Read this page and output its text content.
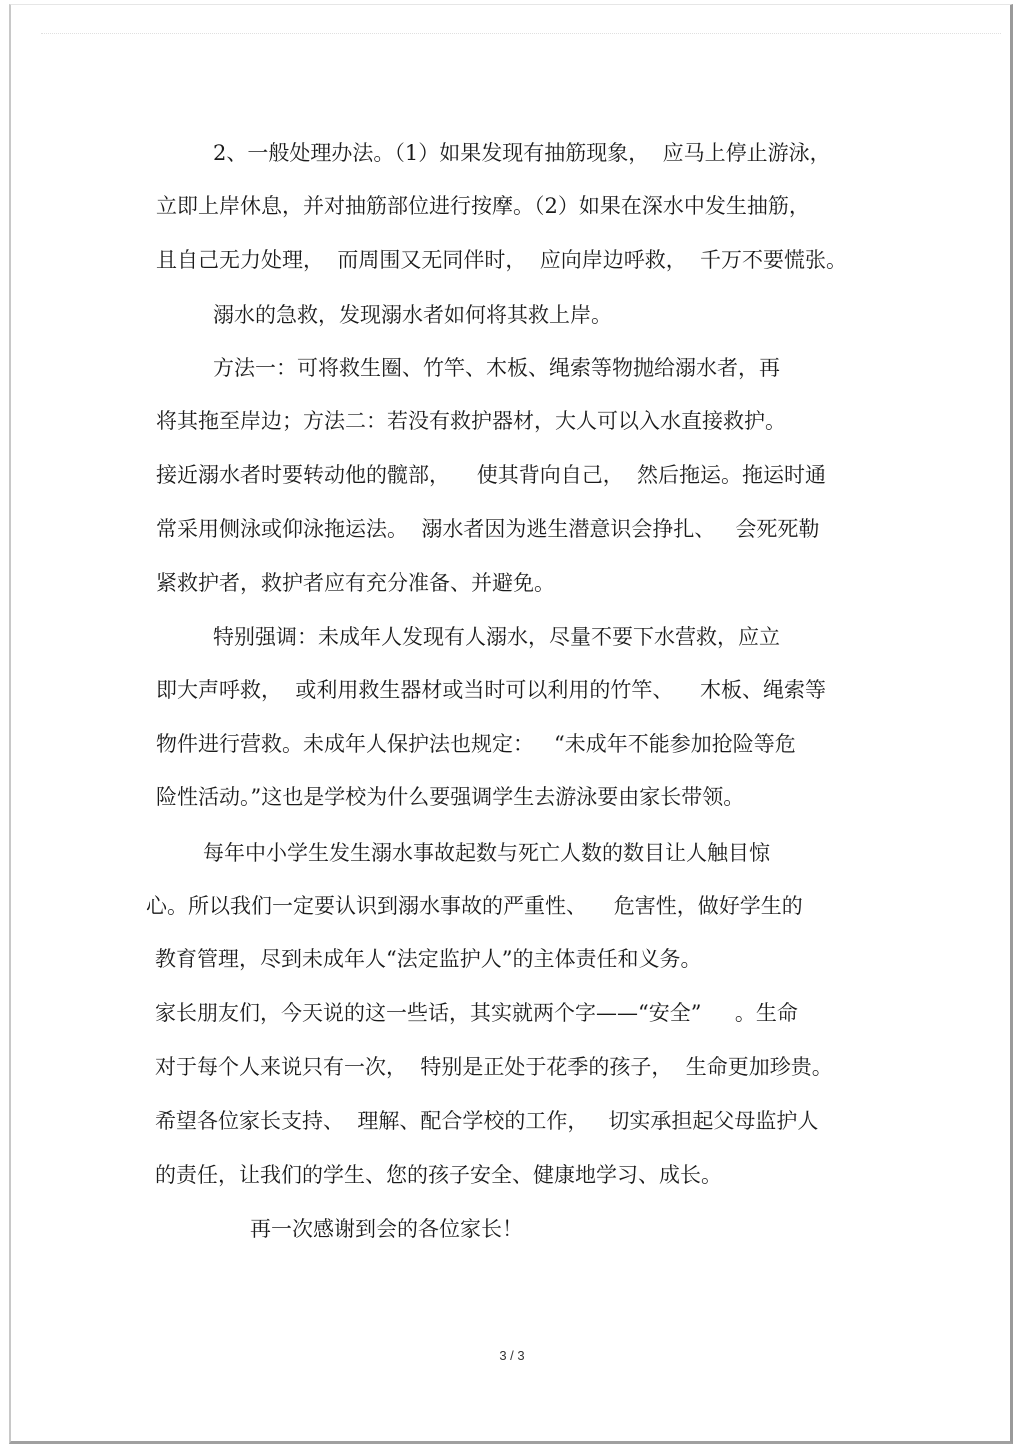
2、一般处理办法。（1）如果发现有抽筋现象，  应马上停止游泳，
立即上岸休息，并对抽筋部位进行按摩。（2）如果在深水中发生抽筋，
且自己无力处理，  而周围又无同伴时，  应向岸边呼救，  千万不要慌张。
溺水的急救，发现溺水者如何将其救上岸。
方法一：可将救生圈、竹竿、木板、绳索等物抛给溺水者，再
将其拖至岸边；方法二：若没有救护器材，大人可以入水直接救护。
接近溺水者时要转动他的髋部，    使其背向自己，  然后拖运。拖运时通
常采用侧泳或仰泳拖运法。  溺水者因为逃生潜意识会挣扎、   会死死勒
紧救护者，救护者应有充分准备、并避免。
特别强调：未成年人发现有人溺水，尽量不要下水营救，应立
即大声呼救，  或利用救生器材或当时可以利用的竹竿、    木板、绳索等
物件进行营救。未成年人保护法也规定：   “未成年不能参加抢险等危
险性活动。”这也是学校为什么要强调学生去游泳要由家长带领。
每年中小学生发生溺水事故起数与死亡人数的数目让人触目惊
心。所以我们一定要认识到溺水事故的严重性、    危害性，做好学生的
教育管理，尽到未成年人“法定监护人”的主体责任和义务。
家长朋友们，今天说的这一些话，其实就两个字——“安全”     。生命
对于每个人来说只有一次，  特别是正处于花季的孩子，  生命更加珍贵。
希望各位家长支持、  理解、配合学校的工作，   切实承担起父母监护人
的责任，让我们的学生、您的孩子安全、健康地学习、成长。
再一次感谢到会的各位家长！
3 / 3
